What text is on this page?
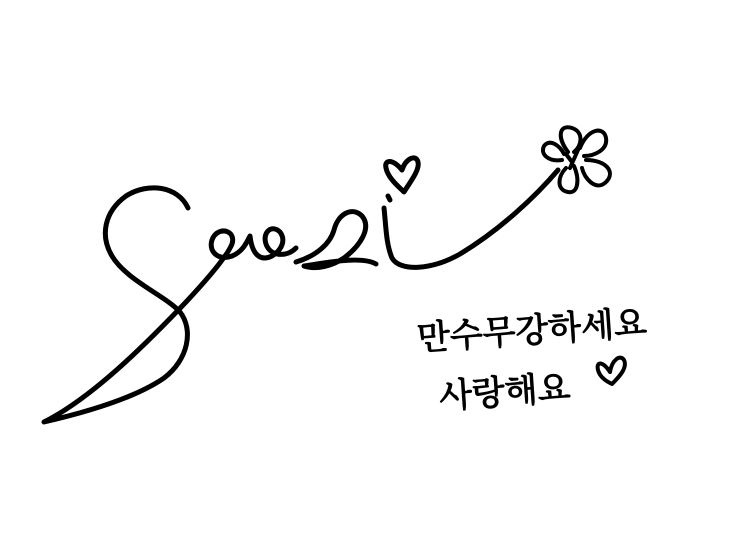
만수무강하세요
사랑해요
